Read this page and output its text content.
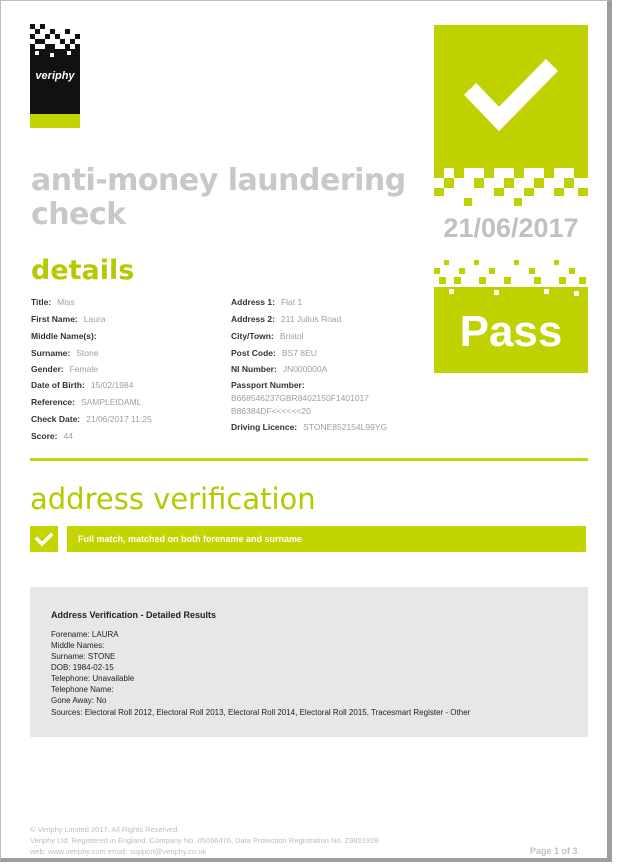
veriphy
anti-money laundering check	21/06/2017
Pass
details
Title: Miss
First Name: Laura
Middle Name(s):
Surname: Stone
Gender: Female
Date of Birth: 15/02/1984
Reference: SAMPLEIDAML
Check Date: 21/06/2017 11:25
Score: 44
Address 1: Flat 1
Address 2: 211 Julius Road
City/Town: Bristol
Post Code: BS7 8EU
NI Number: JN000000A
Passport Number:
B668546237GBR8402150F1401017
B86384DF<<<<<<20
Driving Licence: STONE852154L99YG
address verification
Full match, matched on both forename and surname
Address Verification - Detailed Results
Forename: LAURA
Middle Names:
Surname: STONE
DOB: 1984-02-15
Telephone: Unavailable
Telephone Name:
Gone Away: No
Sources: Electoral Roll 2012, Electoral Roll 2013, Electoral Roll 2014, Electoral Roll 2015, Tracesmart Register - Other
© Veriphy Limited 2017. All Rights Reserved.
Veriphy Ltd. Registered in England. Company No. 05066476. Data Protection Registration No. Z9851928
web: www.veriphy.com email: support@veriphy.co.uk	Page 1 of 3
